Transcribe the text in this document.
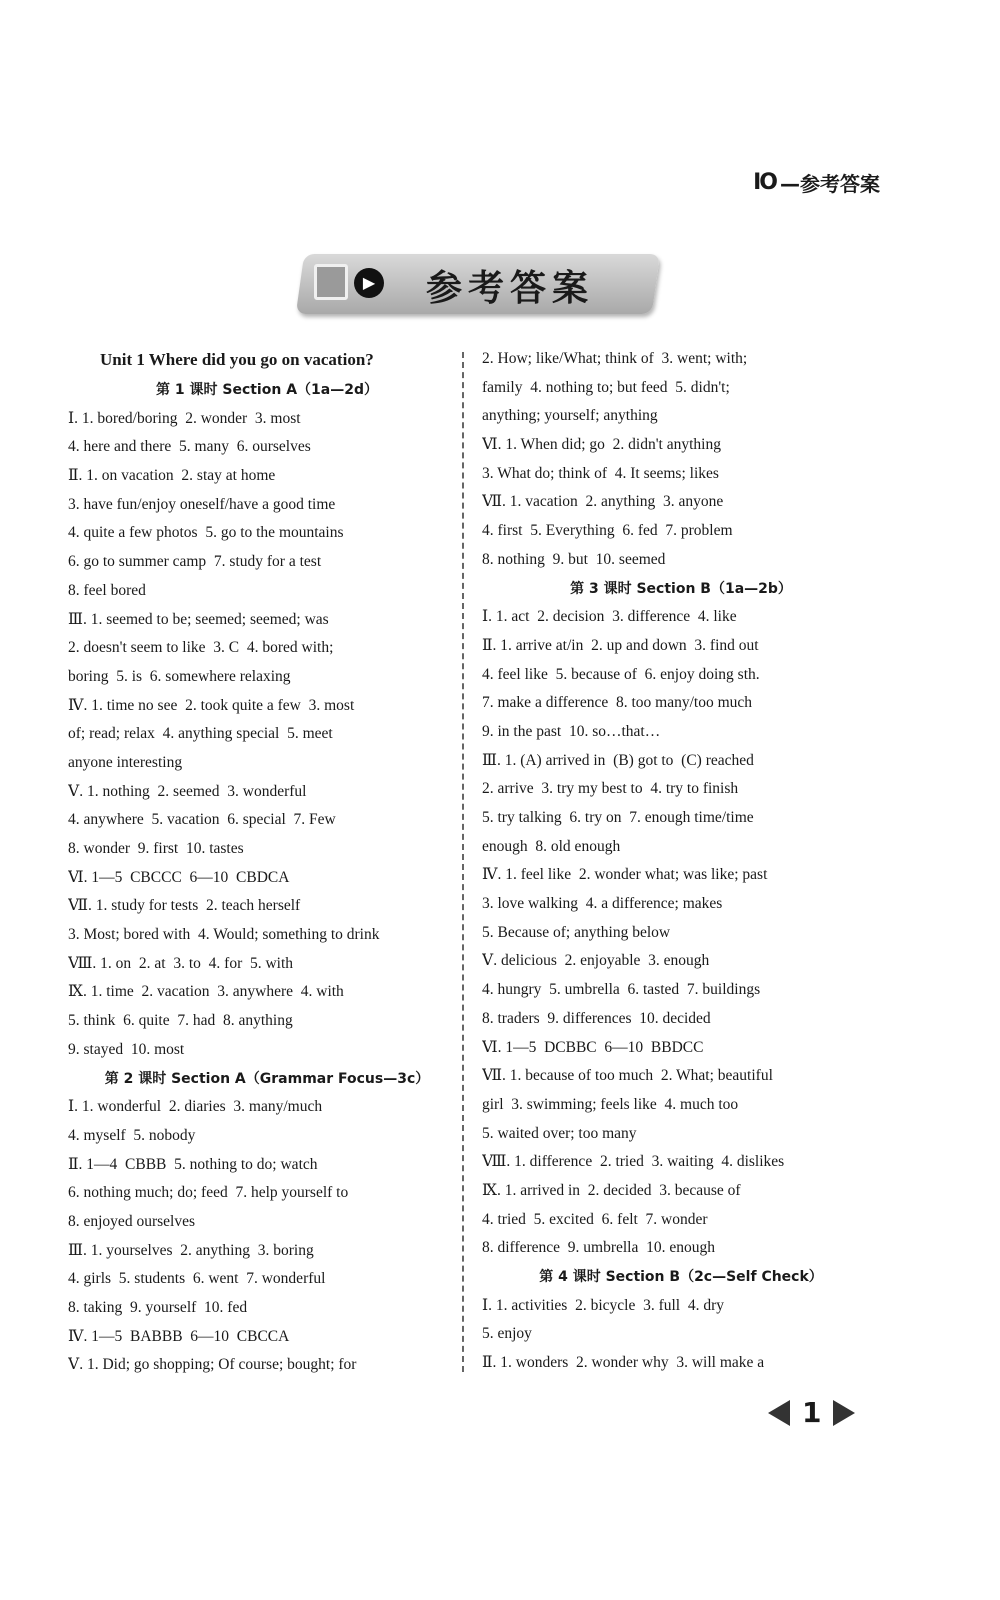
IO —参考答案
▶ 参考答案
Unit 1 Where did you go on vacation?
第 1 课时 Section A（1a—2d）
Ⅰ. 1. bored/boring  2. wonder  3. most
4. here and there  5. many  6. ourselves
Ⅱ. 1. on vacation  2. stay at home
3. have fun/enjoy oneself/have a good time
4. quite a few photos  5. go to the mountains
6. go to summer camp  7. study for a test
8. feel bored
Ⅲ. 1. seemed to be; seemed; seemed; was
2. doesn't seem to like  3. C  4. bored with;
boring  5. is  6. somewhere relaxing
Ⅳ. 1. time no see  2. took quite a few  3. most
of; read; relax  4. anything special  5. meet
anyone interesting
Ⅴ. 1. nothing  2. seemed  3. wonderful
4. anywhere  5. vacation  6. special  7. Few
8. wonder  9. first  10. tastes
Ⅵ. 1—5  CBCCC  6—10  CBDCA
Ⅶ. 1. study for tests  2. teach herself
3. Most; bored with  4. Would; something to drink
Ⅷ. 1. on  2. at  3. to  4. for  5. with
Ⅸ. 1. time  2. vacation  3. anywhere  4. with
5. think  6. quite  7. had  8. anything
9. stayed  10. most
第 2 课时 Section A（Grammar Focus—3c）
Ⅰ. 1. wonderful  2. diaries  3. many/much
4. myself  5. nobody
Ⅱ. 1—4  CBBB  5. nothing to do; watch
6. nothing much; do; feed  7. help yourself to
8. enjoyed ourselves
Ⅲ. 1. yourselves  2. anything  3. boring
4. girls  5. students  6. went  7. wonderful
8. taking  9. yourself  10. fed
Ⅳ. 1—5  BABBB  6—10  CBCCA
Ⅴ. 1. Did; go shopping; Of course; bought; for
2. How; like/What; think of  3. went; with;
family  4. nothing to; but feed  5. didn't;
anything; yourself; anything
Ⅵ. 1. When did; go  2. didn't anything
3. What do; think of  4. It seems; likes
Ⅶ. 1. vacation  2. anything  3. anyone
4. first  5. Everything  6. fed  7. problem
8. nothing  9. but  10. seemed
第 3 课时 Section B（1a—2b）
Ⅰ. 1. act  2. decision  3. difference  4. like
Ⅱ. 1. arrive at/in  2. up and down  3. find out
4. feel like  5. because of  6. enjoy doing sth.
7. make a difference  8. too many/too much
9. in the past  10. so…that…
Ⅲ. 1. (A) arrived in  (B) got to  (C) reached
2. arrive  3. try my best to  4. try to finish
5. try talking  6. try on  7. enough time/time
enough  8. old enough
Ⅳ. 1. feel like  2. wonder what; was like; past
3. love walking  4. a difference; makes
5. Because of; anything below
Ⅴ. delicious  2. enjoyable  3. enough
4. hungry  5. umbrella  6. tasted  7. buildings
8. traders  9. differences  10. decided
Ⅵ. 1—5  DCBBC  6—10  BBDCC
Ⅶ. 1. because of too much  2. What; beautiful
girl  3. swimming; feels like  4. much too
5. waited over; too many
Ⅷ. 1. difference  2. tried  3. waiting  4. dislikes
Ⅸ. 1. arrived in  2. decided  3. because of
4. tried  5. excited  6. felt  7. wonder
8. difference  9. umbrella  10. enough
第 4 课时 Section B（2c—Self Check）
Ⅰ. 1. activities  2. bicycle  3. full  4. dry
5. enjoy
Ⅱ. 1. wonders  2. wonder why  3. will make a
1
